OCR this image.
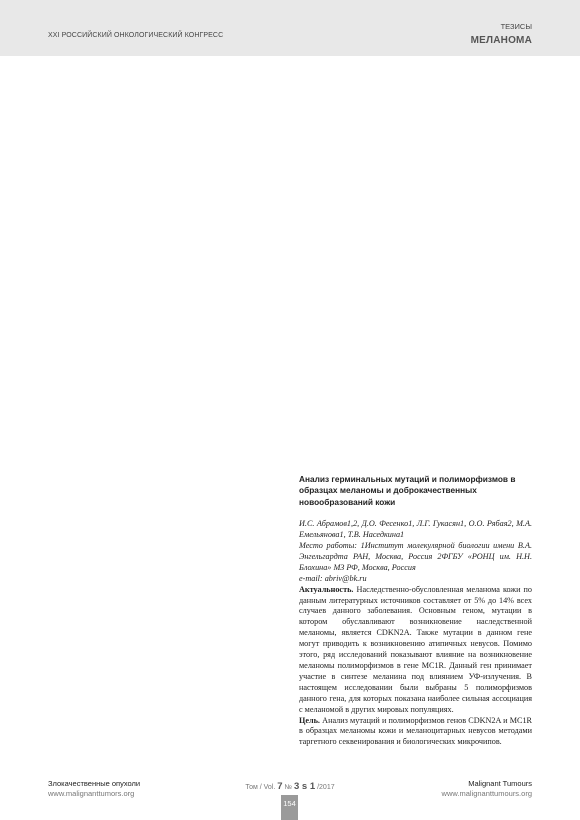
XXI РОССИЙСКИЙ ОНКОЛОГИЧЕСКИЙ КОНГРЕСС
ТЕЗИСЫ
МЕЛАНОМА
Анализ герминальных мутаций и полиморфизмов в образцах меланомы и доброкачественных новообразований кожи

И.С. Абрамов1,2, Д.О. Фесенко1, Л.Г. Гукасян1, О.О. Рябая2, М.А. Емельянова1, Т.В. Наседкина1

Место работы: 1Институт молекулярной биологии имени В.А. Энгельгардта РАН, Москва, Россия 2ФГБУ «РОНЦ им. Н.Н. Блохина» МЗ РФ, Москва, Россия

e-mail: abriv@bk.ru

Актуальность. Наследственно-обусловленная меланома кожи по данным литературных источников составляет от 5% до 14% всех случаев данного заболевания. Основным геном, мутации в котором обуславливают возникновение наследственной меланомы, является CDKN2A. Также мутации в данном гене могут приводить к возникновению атипичных невусов. Помимо этого, ряд исследований показывают влияние на возникновение меланомы полиморфизмов в гене MC1R. Данный ген принимает участие в синтезе меланина под влиянием УФ-излучения. В настоящем исследовании были выбраны 5 полиморфизмов данного гена, для которых показана наиболее сильная ассоциация с меланомой в других мировых популяциях.

Цель. Анализ мутаций и полиморфизмов генов CDKN2A и MC1R в образцах меланомы кожи и меланоцитарных невусов методами таргетного секвенирования и биологических микрочипов.

Злокачественные опухоли
www.malignanttumors.org
Том / Vol. 7 № 3 s 1 /2017	Malignant Tumours
www.malignanttumours.org
154
